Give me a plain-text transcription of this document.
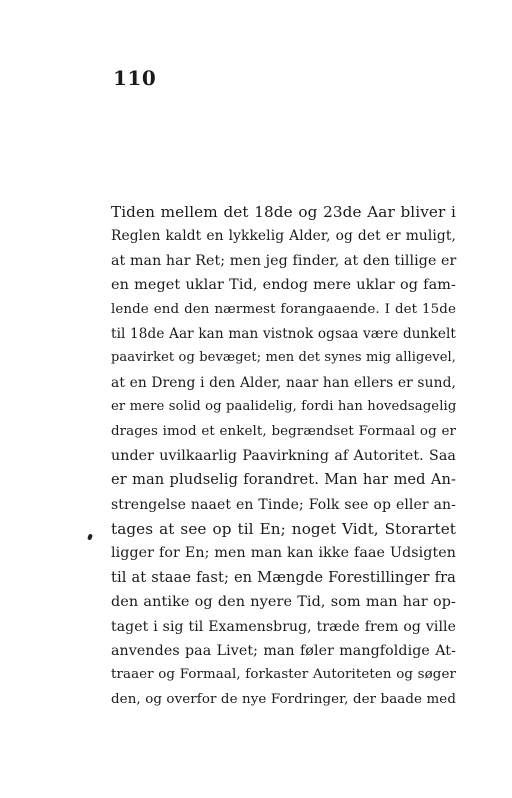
110
Tiden mellem det 18de og 23de Aar bliver i
Reglen kaldt en lykkelig Alder, og det er muligt,
at man har Ret; men jeg finder, at den tillige er
en meget uklar Tid, endog mere uklar og fam-
lende end den nærmest forangaaende. I det 15de
til 18de Aar kan man vistnok ogsaa være dunkelt
paavirket og bevæget; men det synes mig alligevel,
at en Dreng i den Alder, naar han ellers er sund,
er mere solid og paalidelig, fordi han hovedsagelig
drages imod et enkelt, begrændset Formaal og er
under uvilkaarlig Paavirkning af Autoritet. Saa
er man pludselig forandret. Man har med An-
strengelse naaet en Tinde; Folk see op eller an-
tages at see op til En; noget Vidt, Storartet
ligger for En; men man kan ikke faae Udsigten
til at staae fast; en Mængde Forestillinger fra
den antike og den nyere Tid, som man har op-
taget i sig til Examensbrug, træde frem og ville
anvendes paa Livet; man føler mangfoldige At-
traaer og Formaal, forkaster Autoriteten og søger
den, og overfor de nye Fordringer, der baade med
